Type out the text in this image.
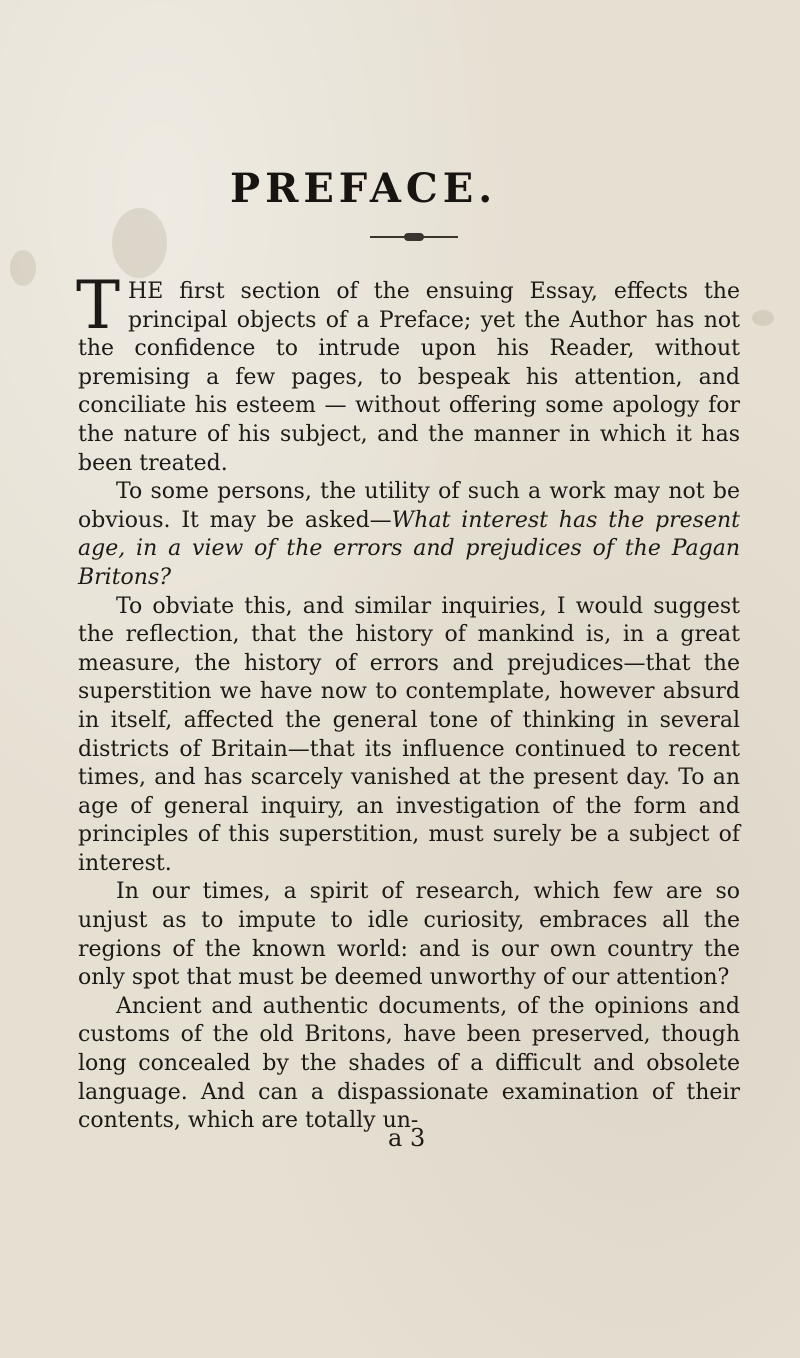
PREFACE.

THE first section of the ensuing Essay, effects the principal objects of a Preface; yet the Author has not the confidence to intrude upon his Reader, without premising a few pages, to bespeak his attention, and conciliate his esteem — without offering some apology for the nature of his subject, and the manner in which it has been treated.

To some persons, the utility of such a work may not be obvious. It may be asked—What interest has the present age, in a view of the errors and prejudices of the Pagan Britons?

To obviate this, and similar inquiries, I would suggest the reflection, that the history of mankind is, in a great measure, the history of errors and prejudices—that the superstition we have now to contemplate, however absurd in itself, affected the general tone of thinking in several districts of Britain—that its influence continued to recent times, and has scarcely vanished at the present day. To an age of general inquiry, an investigation of the form and principles of this superstition, must surely be a subject of interest.

In our times, a spirit of research, which few are so unjust as to impute to idle curiosity, embraces all the regions of the known world: and is our own country the only spot that must be deemed unworthy of our attention?

Ancient and authentic documents, of the opinions and customs of the old Britons, have been preserved, though long concealed by the shades of a difficult and obsolete language. And can a dispassionate examination of their contents, which are totally un-

a 3
